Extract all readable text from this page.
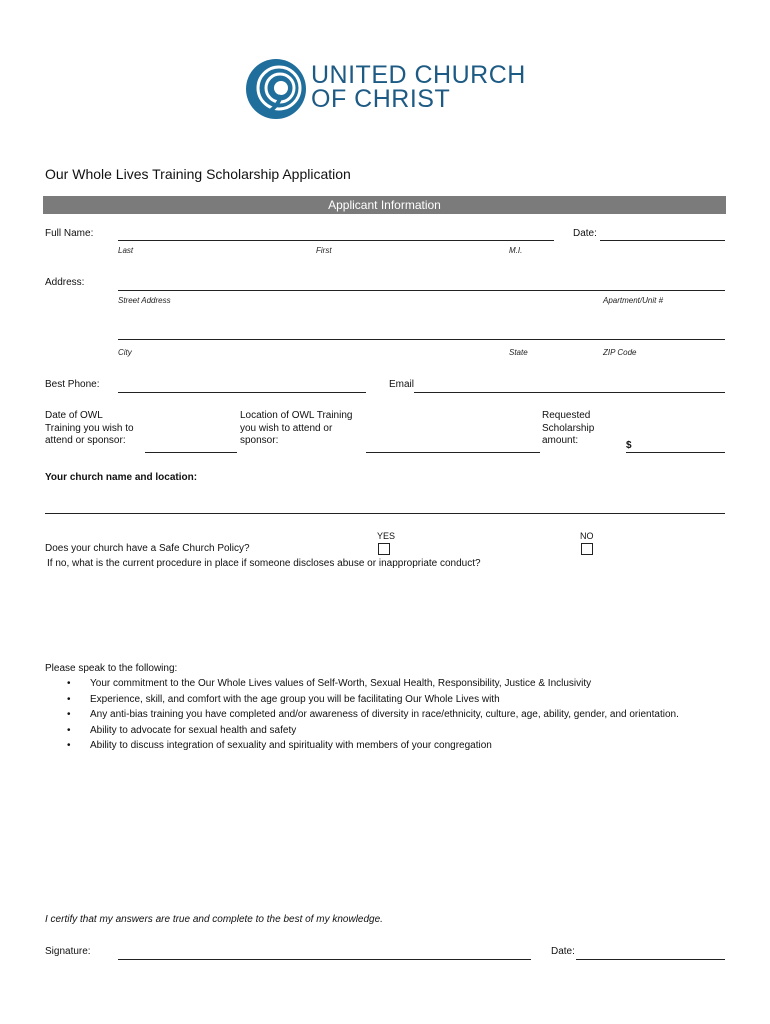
UNITED CHURCH
OF CHRIST
Our Whole Lives Training Scholarship Application
Applicant Information
Full Name:	Date:
Last	First	M.I.
Address:
Street Address	Apartment/Unit #
City	State	ZIP Code
Best Phone:	Email
Date of OWL
Training you wish to
attend or sponsor:
Location of OWL Training
you wish to attend or
sponsor:
Requested
Scholarship
amount:	$
Your church name and location:
YES	NO
Does your church have a Safe Church Policy?
If no, what is the current procedure in place if someone discloses abuse or inappropriate conduct?
Please speak to the following:
• Your commitment to the Our Whole Lives values of Self-Worth, Sexual Health, Responsibility, Justice & Inclusivity
• Experience, skill, and comfort with the age group you will be facilitating Our Whole Lives with
• Any anti-bias training you have completed and/or awareness of diversity in race/ethnicity, culture, age, ability, gender, and orientation.
• Ability to advocate for sexual health and safety
• Ability to discuss integration of sexuality and spirituality with members of your congregation
I certify that my answers are true and complete to the best of my knowledge.
Signature:	Date:
